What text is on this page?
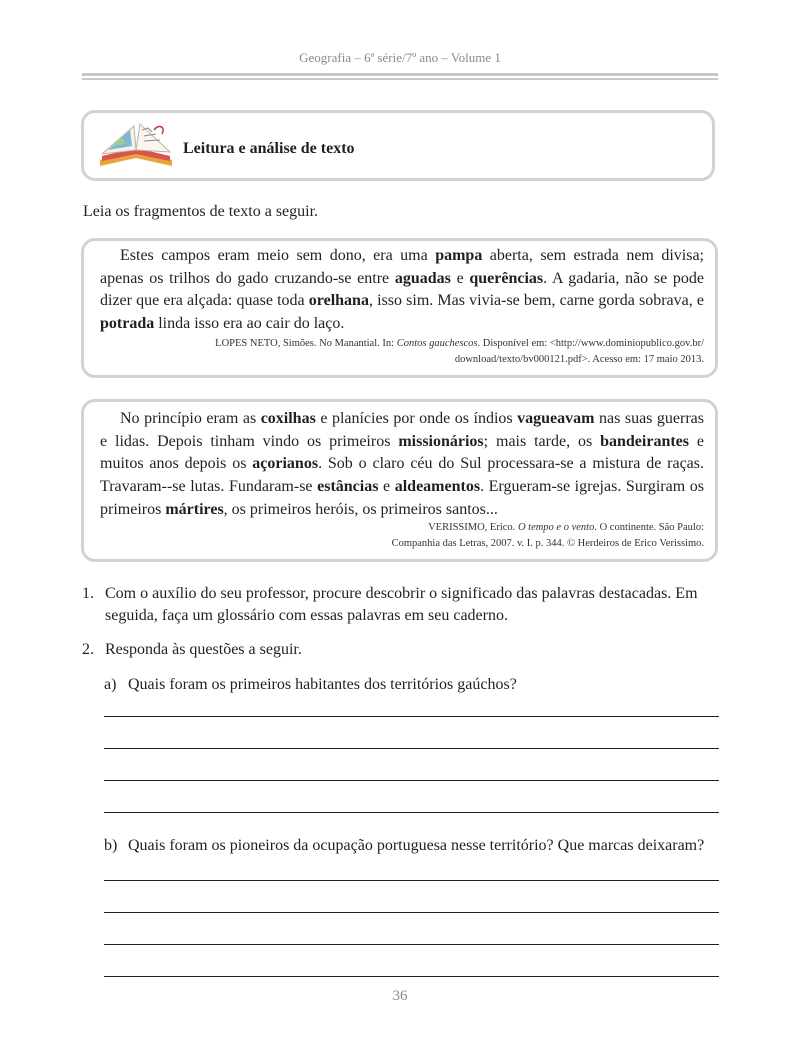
Geografia – 6ª série/7º ano – Volume 1
Leitura e análise de texto
Leia os fragmentos de texto a seguir.

Estes campos eram meio sem dono, era uma pampa aberta, sem estrada nem divisa; apenas os trilhos do gado cruzando-se entre aguadas e querências. A gadaria, não se pode dizer que era alçada: quase toda orelhana, isso sim. Mas vivia-se bem, carne gorda sobrava, e potrada linda isso era ao cair do laço.

LOPES NETO, Simões. No Manantial. In: Contos gauchescos. Disponível em: <http://www.dominiopublico.gov.br/
download/texto/bv000121.pdf>. Acesso em: 17 maio 2013.

No princípio eram as coxilhas e planícies por onde os índios vagueavam nas suas guerras e lidas. Depois tinham vindo os primeiros missionários; mais tarde, os bandeirantes e muitos anos depois os açorianos. Sob o claro céu do Sul processara-se a mistura de raças. Travaram--se lutas. Fundaram-se estâncias e aldeamentos. Ergueram-se igrejas. Surgiram os primeiros mártires, os primeiros heróis, os primeiros santos...

VERISSIMO, Erico. O tempo e o vento. O continente. São Paulo:
Companhia das Letras, 2007. v. I. p. 344. © Herdeiros de Erico Verissimo.
1. Com o auxílio do seu professor, procure descobrir o significado das palavras destacadas. Em seguida, faça um glossário com essas palavras em seu caderno.
2. Responda às questões a seguir.
a) Quais foram os primeiros habitantes dos territórios gaúchos?
b) Quais foram os pioneiros da ocupação portuguesa nesse território? Que marcas deixaram?
36
